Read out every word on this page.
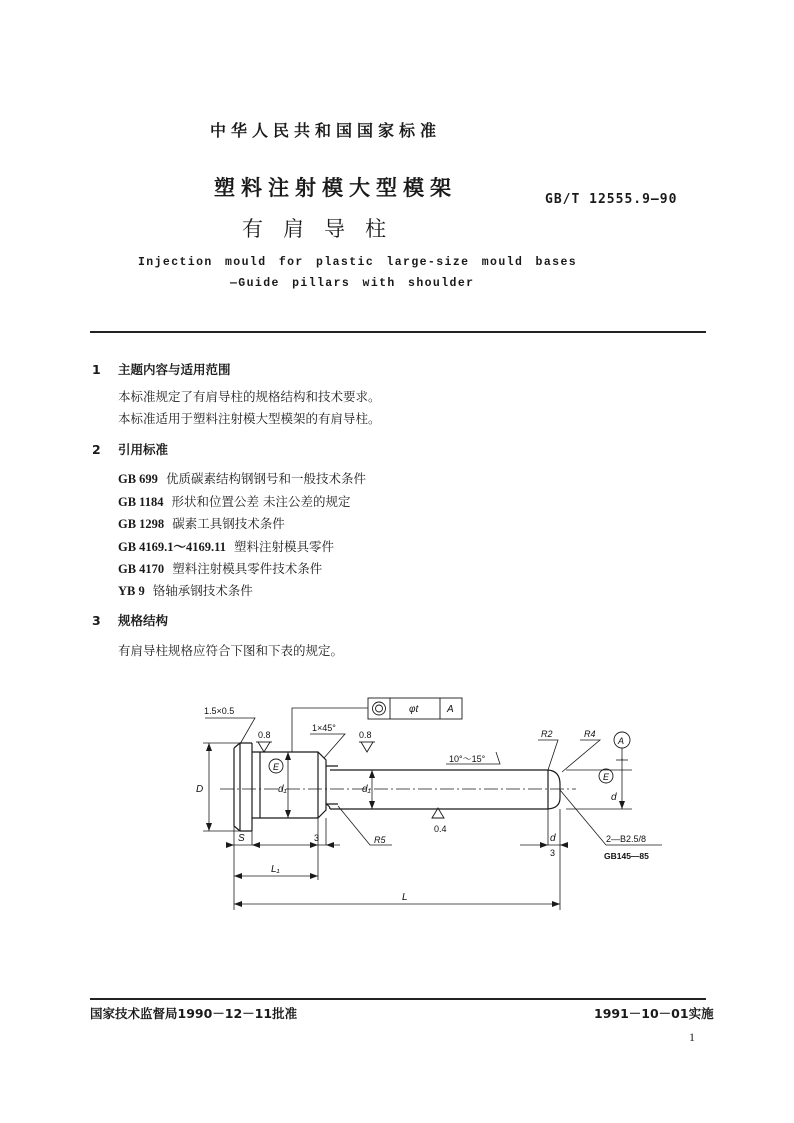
中华人民共和国国家标准
塑料注射模大型模架
有肩导柱
GB/T 12555.9—90
Injection mould for plastic large-size mould bases
—Guide pillars with shoulder
1 主题内容与适用范围
本标准规定了有肩导柱的规格结构和技术要求。
本标准适用于塑料注射模大型模架的有肩导柱。
2 引用标准
GB 699 优质碳素结构钢钢号和一般技术条件
GB 1184 形状和位置公差 未注公差的规定
GB 1298 碳素工具钢技术条件
GB 4169.1～4169.11 塑料注射模具零件
GB 4170 塑料注射模具零件技术条件
YB 9 铬轴承钢技术条件
3 规格结构
有肩导柱规格应符合下图和下表的规定。
1.5×0.5
0.8
1×45°
0.8
0.4
φt	A
10°～15°
R2	R4
R5
A
E
E
D	d₁	d₁
d
S	3	d
3
L₁
L
2—B2.5/8
GB145—85
国家技术监督局1990－12－11批准	1991－10－01实施
1
